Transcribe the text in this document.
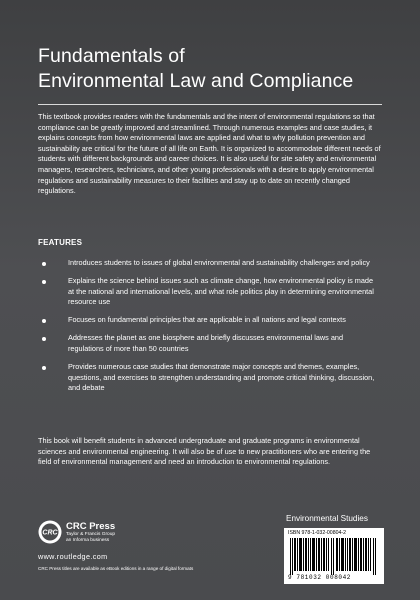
Fundamentals of
Environmental Law and Compliance
This textbook provides readers with the fundamentals and the intent of environmental regulations so that compliance can be greatly improved and streamlined. Through numerous examples and case studies, it explains concepts from how environmental laws are applied and what to why pollution prevention and sustainability are critical for the future of all life on Earth. It is organized to accommodate different needs of students with different backgrounds and career choices. It is also useful for site safety and environmental managers, researchers, technicians, and other young professionals with a desire to apply environmental regulations and sustainability measures to their facilities and stay up to date on recently changed regulations.
FEATURES
Introduces students to issues of global environmental and sustainability challenges and policy
Explains the science behind issues such as climate change, how environmental policy is made at the national and international levels, and what role politics play in determining environmental resource use
Focuses on fundamental principles that are applicable in all nations and legal contexts
Addresses the planet as one biosphere and briefly discusses environmental laws and regulations of more than 50 countries
Provides numerous case studies that demonstrate major concepts and themes, examples, questions, and exercises to strengthen understanding and promote critical thinking, discussion, and debate
This book will benefit students in advanced undergraduate and graduate programs in environmental sciences and environmental engineering. It will also be of use to new practitioners who are entering the field of environmental management and need an introduction to environmental regulations.
Environmental Studies
ISBN 978-1-032-00804-2
9 781032 008042
CRC
CRC Press
Taylor & Francis Group
an Informa business
www.routledge.com
CRC Press titles are available as eBook editions in a range of digital formats
